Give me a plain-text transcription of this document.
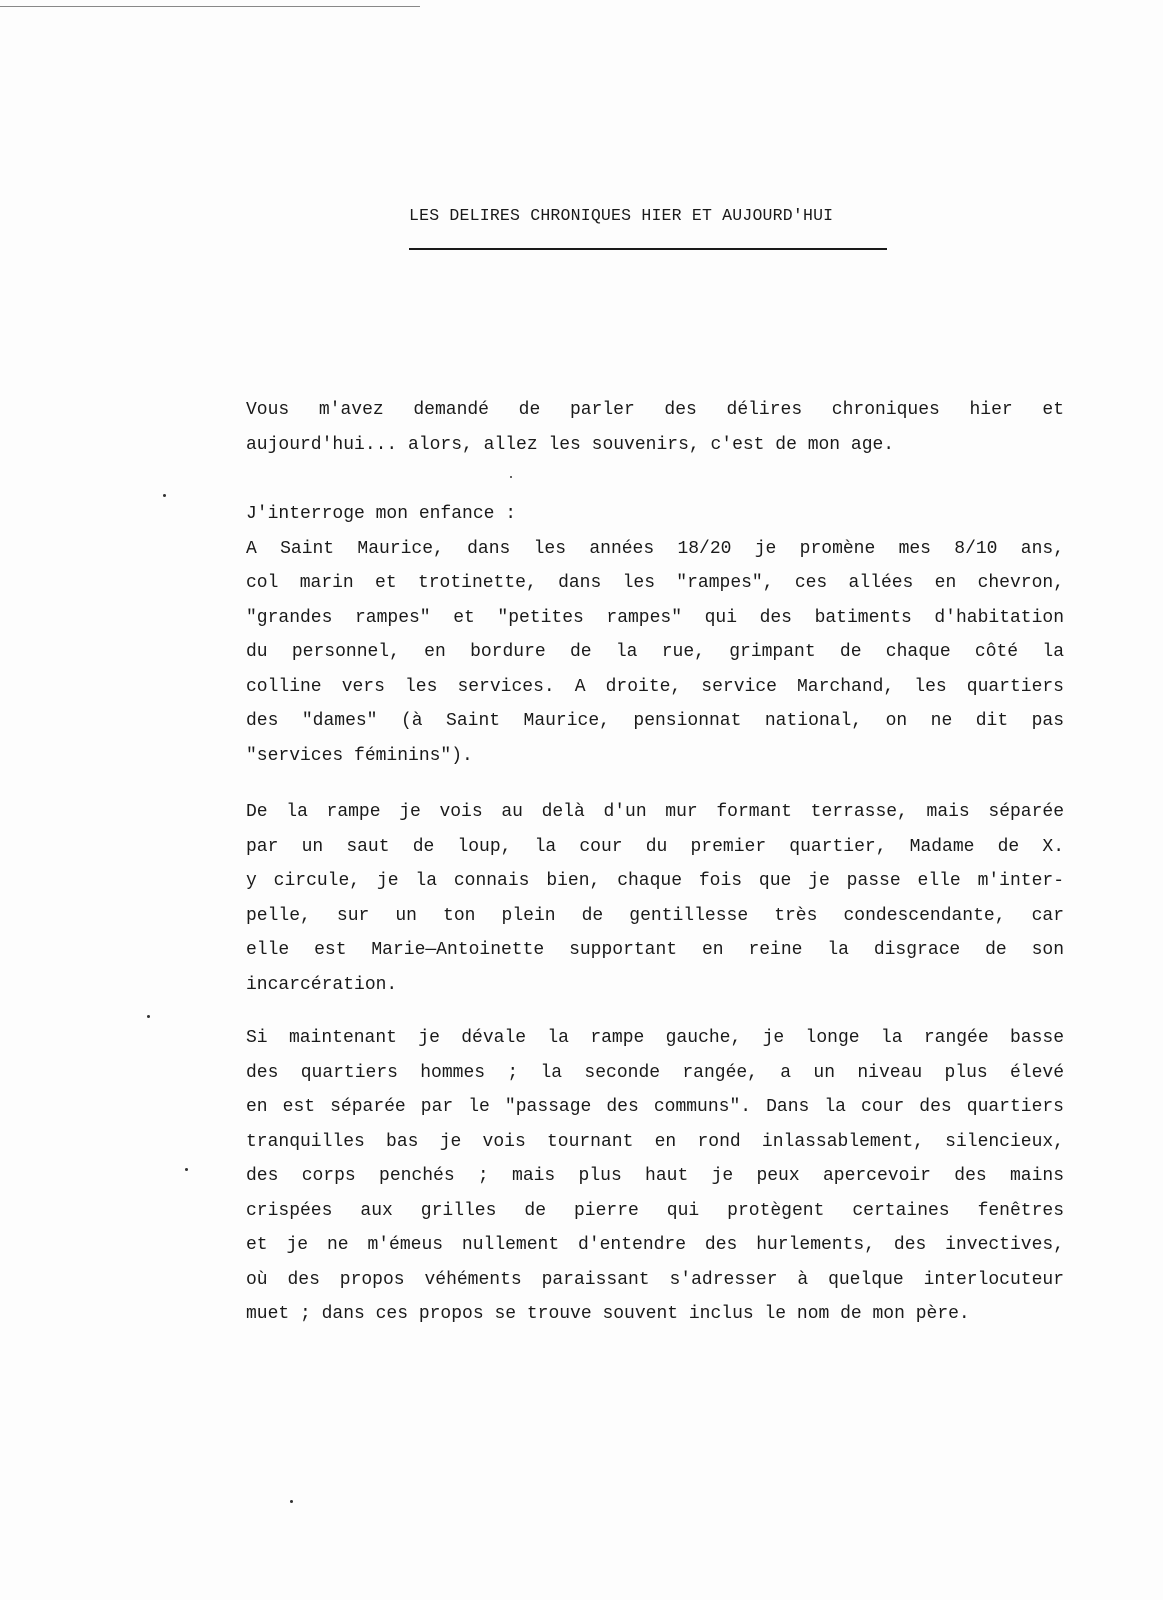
LES DELIRES CHRONIQUES HIER ET AUJOURD'HUI
Vous m'avez demandé de parler des délires chroniques hier et
aujourd'hui... alors, allez les souvenirs, c'est de mon age.
J'interroge mon enfance :
A Saint Maurice, dans les années 18/20 je promène mes 8/10 ans,
col marin et trotinette, dans les "rampes", ces allées en chevron,
"grandes rampes" et "petites rampes" qui des batiments d'habitation
du personnel, en bordure de la rue, grimpant de chaque côté la
colline vers les services. A droite, service Marchand, les quartiers
des "dames" (à Saint Maurice, pensionnat national, on ne dit pas
"services féminins").
De la rampe je vois au delà d'un mur formant terrasse, mais séparée
par un saut de loup, la cour du premier quartier, Madame de X.
y circule, je la connais bien, chaque fois que je passe elle m'inter-
pelle, sur un ton plein de gentillesse très condescendante, car
elle est Marie—Antoinette supportant en reine la disgrace de son
incarcération.
Si maintenant je dévale la rampe gauche, je longe la rangée basse
des quartiers hommes ; la seconde rangée, a un niveau plus élevé
en est séparée par le "passage des communs". Dans la cour des quartiers
tranquilles bas je vois tournant en rond inlassablement, silencieux,
des corps penchés ; mais plus haut je peux apercevoir des mains
crispées aux grilles de pierre qui protègent certaines fenêtres
et je ne m'émeus nullement d'entendre des hurlements, des invectives,
où des propos véhéments paraissant s'adresser à quelque interlocuteur
muet ; dans ces propos se trouve souvent inclus le nom de mon père.
